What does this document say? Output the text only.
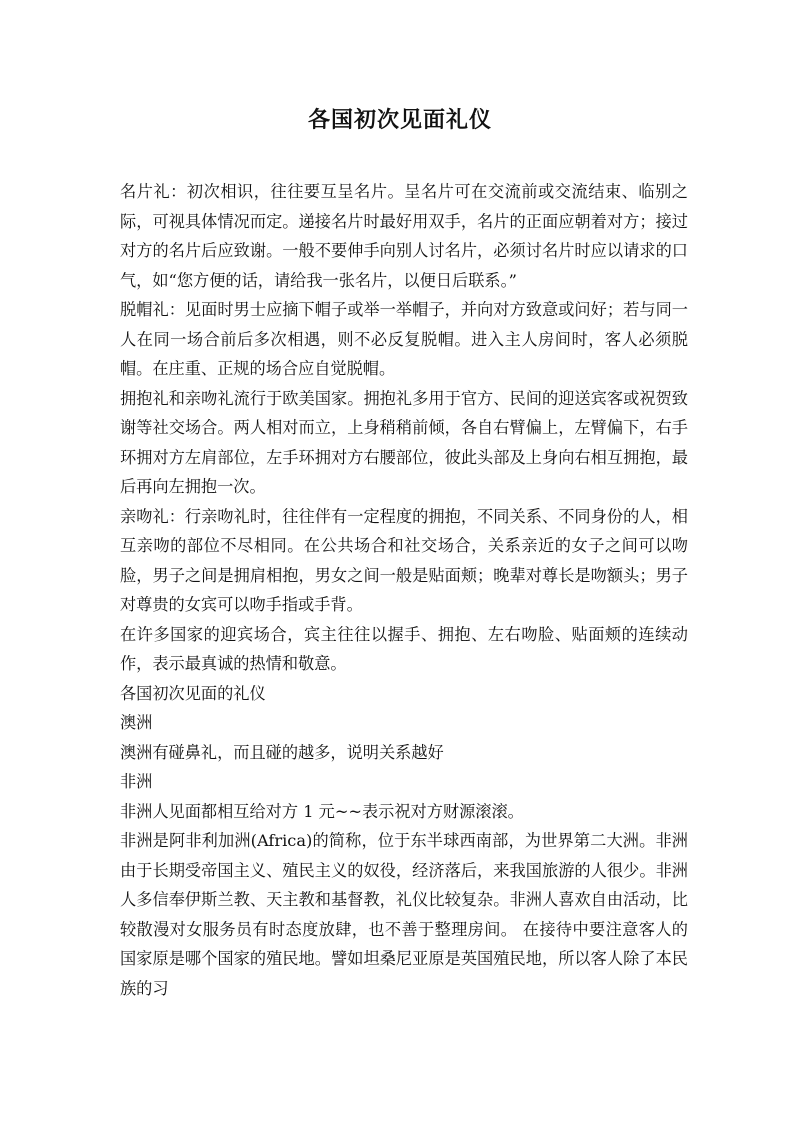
各国初次见面礼仪

名片礼：初次相识，往往要互呈名片。呈名片可在交流前或交流结束、临别之际，可视具体情况而定。递接名片时最好用双手，名片的正面应朝着对方；接过对方的名片后应致谢。一般不要伸手向别人讨名片，必须讨名片时应以请求的口气，如“您方便的话，请给我一张名片，以便日后联系。”

脱帽礼：见面时男士应摘下帽子或举一举帽子，并向对方致意或问好；若与同一人在同一场合前后多次相遇，则不必反复脱帽。进入主人房间时，客人必须脱帽。在庄重、正规的场合应自觉脱帽。

拥抱礼和亲吻礼流行于欧美国家。拥抱礼多用于官方、民间的迎送宾客或祝贺致谢等社交场合。两人相对而立，上身稍稍前倾，各自右臂偏上，左臂偏下，右手环拥对方左肩部位，左手环拥对方右腰部位，彼此头部及上身向右相互拥抱，最后再向左拥抱一次。

亲吻礼：行亲吻礼时，往往伴有一定程度的拥抱，不同关系、不同身份的人，相互亲吻的部位不尽相同。在公共场合和社交场合，关系亲近的女子之间可以吻脸，男子之间是拥肩相抱，男女之间一般是贴面颊；晚辈对尊长是吻额头；男子对尊贵的女宾可以吻手指或手背。

在许多国家的迎宾场合，宾主往往以握手、拥抱、左右吻脸、贴面颊的连续动作，表示最真诚的热情和敬意。

各国初次见面的礼仪

澳洲

澳洲有碰鼻礼，而且碰的越多，说明关系越好

非洲

非洲人见面都相互给对方 1 元~~表示祝对方财源滚滚。

非洲是阿非利加洲(Africa)的简称，位于东半球西南部，为世界第二大洲。非洲由于长期受帝国主义、殖民主义的奴役，经济落后，来我国旅游的人很少。非洲人多信奉伊斯兰教、天主教和基督教，礼仪比较复杂。非洲人喜欢自由活动，比较散漫对女服务员有时态度放肆，也不善于整理房间。 在接待中要注意客人的国家原是哪个国家的殖民地。譬如坦桑尼亚原是英国殖民地，所以客人除了本民族的习
